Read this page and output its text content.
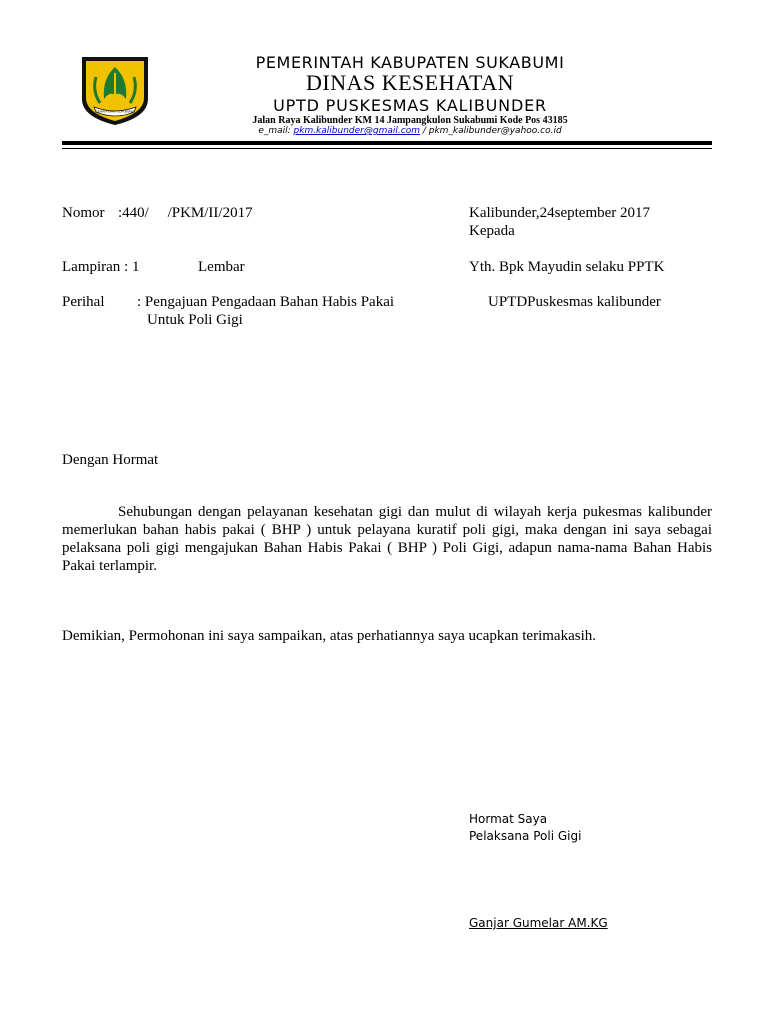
GEMAH RIPAH LOH JINAWI
PEMERINTAH KABUPATEN SUKABUMI
DINAS KESEHATAN
UPTD PUSKESMAS KALIBUNDER
Jalan Raya Kalibunder KM 14 Jampangkulon Sukabumi Kode Pos 43185
e_mail: pkm.kalibunder@gmail.com / pkm_kalibunder@yahoo.co.id
Nomor :440/     /PKM/II/2017
Lampiran : 1	Lembar
Perihal : Pengajuan Pengadaan Bahan Habis Pakai
Untuk Poli Gigi
Kalibunder,24september 2017
Kepada
Yth. Bpk Mayudin selaku PPTK
UPTDPuskesmas kalibunder
Dengan Hormat
Sehubungan dengan pelayanan kesehatan gigi dan mulut di wilayah kerja pukesmas kalibunder memerlukan bahan habis pakai ( BHP ) untuk pelayana kuratif poli gigi, maka dengan ini saya sebagai pelaksana poli gigi mengajukan Bahan Habis Pakai ( BHP ) Poli Gigi, adapun nama-nama Bahan Habis Pakai terlampir.
Demikian, Permohonan ini saya sampaikan, atas perhatiannya saya ucapkan terimakasih.
Hormat Saya
Pelaksana Poli Gigi
Ganjar Gumelar AM.KG
